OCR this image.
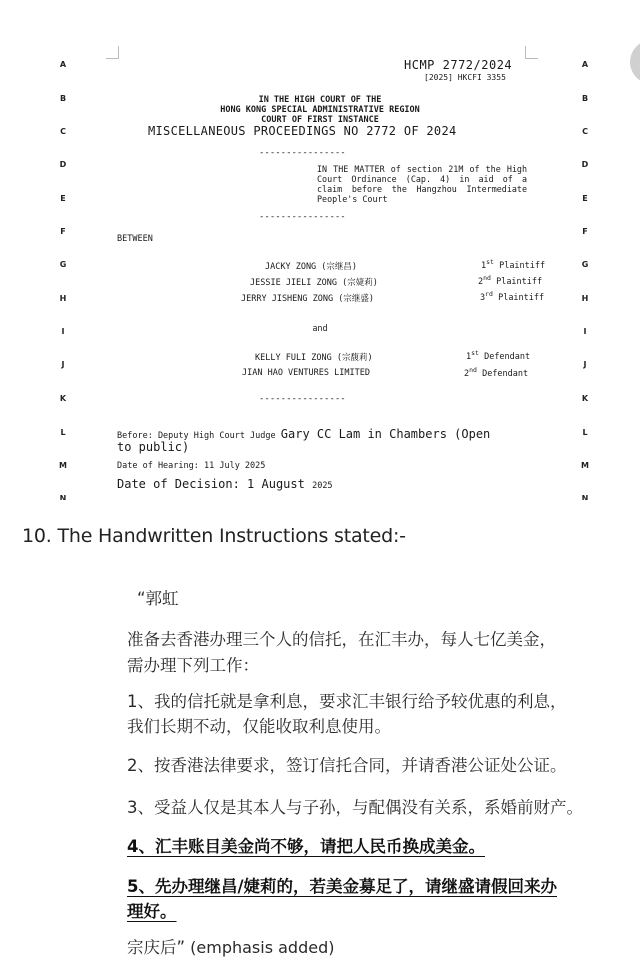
A
B
C
D
E
F
G
H
I
J
K
L
M
N
A
B
C
D
E
F
G
H
I
J
K
L
M
N
HCMP 2772/2024
[2025] HKCFI 3355
IN THE HIGH COURT OF THE
HONG KONG SPECIAL ADMINISTRATIVE REGION
COURT OF FIRST INSTANCE
MISCELLANEOUS PROCEEDINGS NO 2772 OF 2024
----------------
IN THE MATTER of section 21M of the High Court Ordinance (Cap. 4) in aid of a claim before the Hangzhou Intermediate People's Court
----------------
BETWEEN
JACKY ZONG (宗继昌)	1st Plaintiff
JESSIE JIELI ZONG (宗婕莉)	2nd Plaintiff
JERRY JISHENG ZONG (宗继盛)	3rd Plaintiff
and
KELLY FULI ZONG (宗馥莉)	1st Defendant
JIAN HAO VENTURES LIMITED	2nd Defendant
----------------
Before: Deputy High Court Judge Gary CC Lam in Chambers (Open
to public)
Date of Hearing: 11 July 2025
Date of Decision: 1 August 2025
10. The Handwritten Instructions stated:-
“郭虹
准备去香港办理三个人的信托，在汇丰办，每人七亿美金，
需办理下列工作：
1、我的信托就是拿利息，要求汇丰银行给予较优惠的利息，
我们长期不动，仅能收取利息使用。
2、按香港法律要求，签订信托合同，并请香港公证处公证。
3、受益人仅是其本人与子孙，与配偶没有关系，系婚前财产。
4、汇丰账目美金尚不够，请把人民币换成美金。
5、先办理继昌/婕莉的，若美金募足了，请继盛请假回来办
理好。
宗庆后” (emphasis added)
